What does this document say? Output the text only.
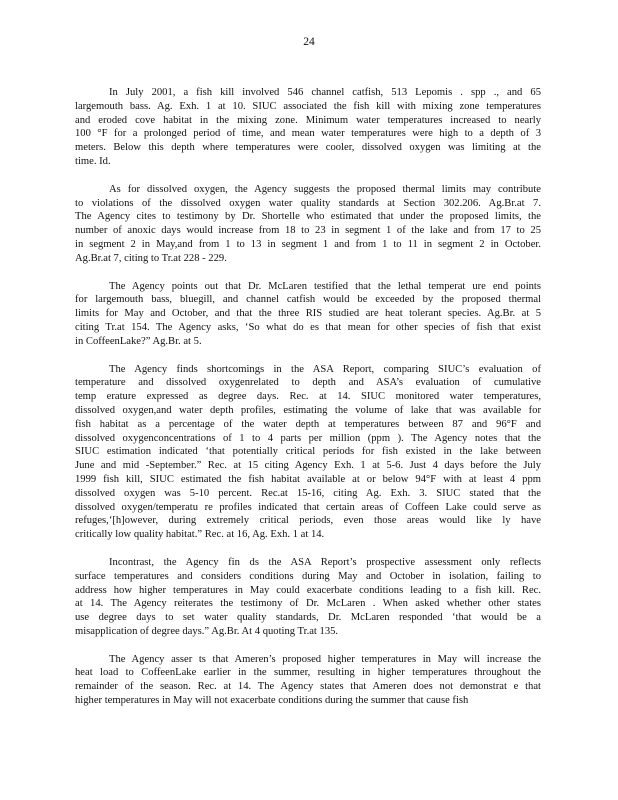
24
In July 2001, a fish kill involved 546 channel catfish, 513 Lepomis . spp ., and 65
largemouth bass. Ag. Exh. 1 at 10. SIUC associated the fish kill with mixing zone temperatures
and eroded cove habitat in the mixing zone. Minimum water temperatures increased to nearly
100 °F for a prolonged period of time, and mean water temperatures were high to a depth of 3
meters. Below this depth where temperatures were cooler, dissolved oxygen was limiting at the
time. Id.
As for dissolved oxygen, the Agency suggests the proposed thermal limits may contribute
to violations of the dissolved oxygen water quality standards at Section 302.206. Ag.Br.at 7.
The Agency cites to testimony by Dr. Shortelle who estimated that under the proposed limits, the
number of anoxic days would increase from 18 to 23 in segment 1 of the lake and from 17 to 25
in segment 2 in May,and from 1 to 13 in segment 1 and from 1 to 11 in segment 2 in October.
Ag.Br.at 7, citing to Tr.at 228 - 229.
The Agency points out that Dr. McLaren testified that the lethal temperat ure end points
for largemouth bass, bluegill, and channel catfish would be exceeded by the proposed thermal
limits for May and October, and that the three RIS studied are heat tolerant species. Ag.Br. at 5
citing Tr.at 154. The Agency asks, ‘So what do es that mean for other species of fish that exist
in CoffeenLake?” Ag.Br. at 5.
The Agency finds shortcomings in the ASA Report, comparing SIUC’s evaluation of
temperature and dissolved oxygenrelated to depth and ASA’s evaluation of cumulative
temp erature expressed as degree days. Rec. at 14. SIUC monitored water temperatures,
dissolved oxygen,and water depth profiles, estimating the volume of lake that was available for
fish habitat as a percentage of the water depth at temperatures between 87 and 96°F and
dissolved oxygenconcentrations of 1 to 4 parts per million (ppm ). The Agency notes that the
SIUC estimation indicated ‘that potentially critical periods for fish existed in the lake between
June and mid -September.” Rec. at 15 citing Agency Exh. 1 at 5-6. Just 4 days before the July
1999 fish kill, SIUC estimated the fish habitat available at or below 94°F with at least 4 ppm
dissolved oxygen was 5-10 percent. Rec.at 15-16, citing Ag. Exh. 3. SIUC stated that the
dissolved oxygen/temperatu re profiles indicated that certain areas of Coffeen Lake could serve as
refuges,‘[h]owever, during extremely critical periods, even those areas would like ly have
critically low quality habitat.” Rec. at 16, Ag. Exh. 1 at 14.
Incontrast, the Agency fin ds the ASA Report’s prospective assessment only reflects
surface temperatures and considers conditions during May and October in isolation, failing to
address how higher temperatures in May could exacerbate conditions leading to a fish kill. Rec.
at 14. The Agency reiterates the testimony of Dr. McLaren . When asked whether other states
use degree days to set water quality standards, Dr. McLaren responded ‘that would be a
misapplication of degree days.” Ag.Br. At 4 quoting Tr.at 135.
The Agency asser ts that Ameren’s proposed higher temperatures in May will increase the
heat load to CoffeenLake earlier in the summer, resulting in higher temperatures throughout the
remainder of the season. Rec. at 14. The Agency states that Ameren does not demonstrat e that
higher temperatures in May will not exacerbate conditions during the summer that cause fish
